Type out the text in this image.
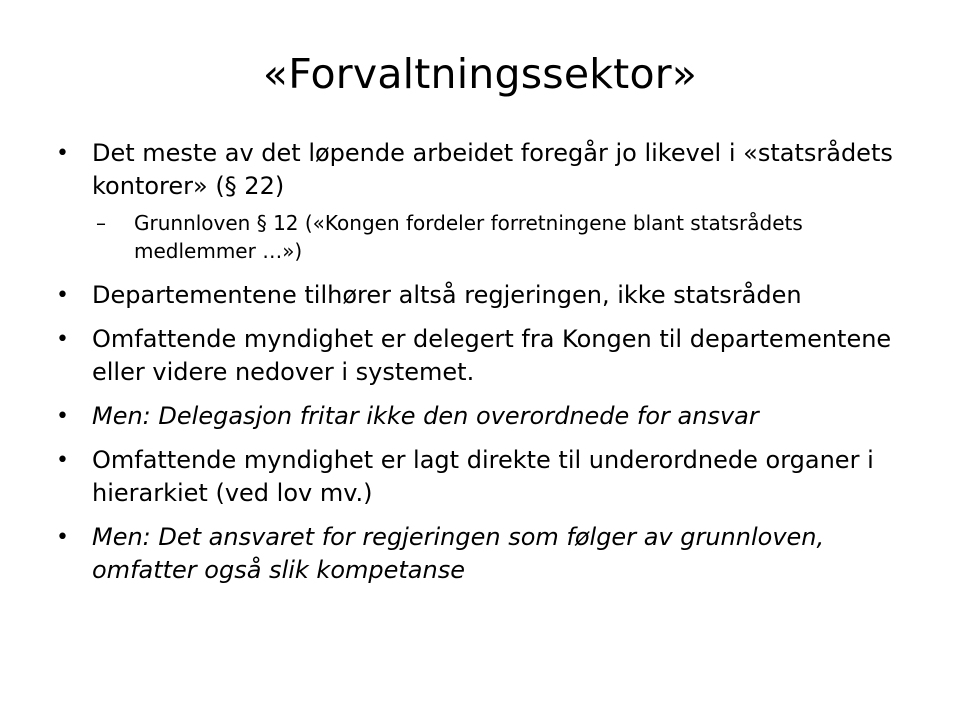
«Forvaltningssektor»
• Det meste av det løpende arbeidet foregår jo likevel i «statsrådets kontorer» (§ 22)
–	Grunnloven § 12 («Kongen fordeler forretningene blant statsrådets medlemmer …»)
• Departementene tilhører altså regjeringen, ikke statsråden
• Omfattende myndighet er delegert fra Kongen til departementene eller videre nedover i systemet.
• Men: Delegasjon fritar ikke den overordnede for ansvar
• Omfattende myndighet er lagt direkte til underordnede organer i hierarkiet (ved lov mv.)
• Men: Det ansvaret for regjeringen som følger av grunnloven, omfatter også slik kompetanse
